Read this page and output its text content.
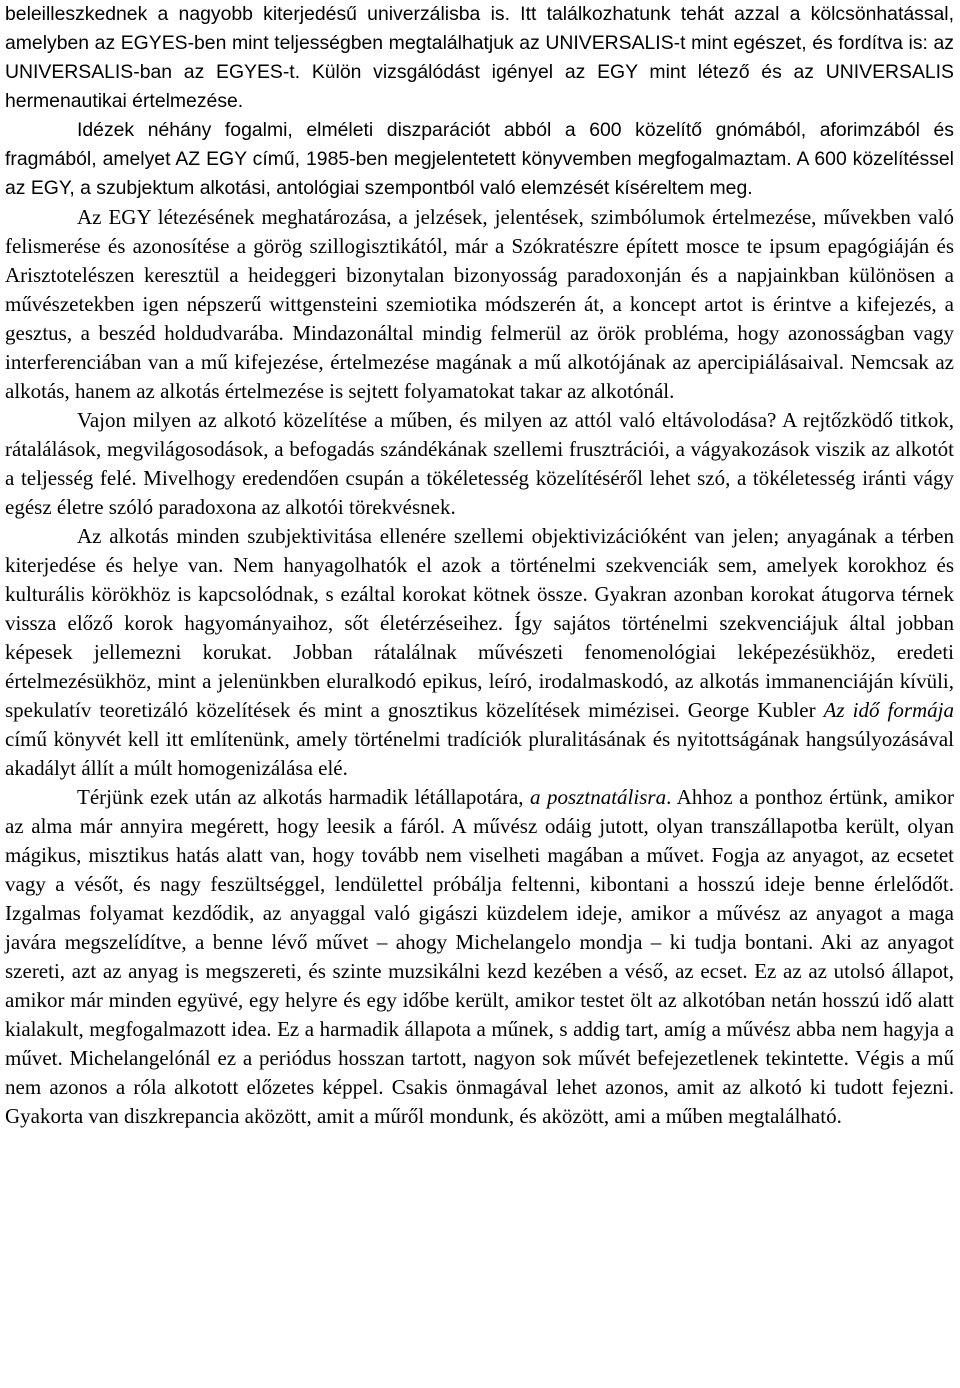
beleilleszkednek a nagyobb kiterjedésű univerzálisba is. Itt találkozhatunk tehát azzal a kölcsönhatással, amelyben az EGYES-ben mint teljességben megtalálhatjuk az UNIVERSALIS-t mint egészet, és fordítva is: az UNIVERSALIS-ban az EGYES-t. Külön vizsgálódást igényel az EGY mint létező és az UNIVERSALIS hermenautikai értelmezése.

Idézek néhány fogalmi, elméleti diszparációt abból a 600 közelítő gnómából, aforimzából és fragmából, amelyet AZ EGY című, 1985-ben megjelentetett könyvemben megfogalmaztam. A 600 közelítéssel az EGY, a szubjektum alkotási, antológiai szempontból való elemzését kíséreltem meg.

Az EGY létezésének meghatározása, a jelzések, jelentések, szimbólumok értelmezése, művekben való felismerése és azonosítése a görög szillogisztikától, már a Szókratészre épített mosce te ipsum epagógiáján és Arisztotelészen keresztül a heideggeri bizonytalan bizonyosság paradoxonján és a napjainkban különösen a művészetekben igen népszerű wittgensteini szemiotika módszerén át, a koncept artot is érintve a kifejezés, a gesztus, a beszéd holdudvarába. Mindazonáltal mindig felmerül az örök probléma, hogy azonosságban vagy interferenciában van a mű kifejezése, értelmezése magának a mű alkotójának az apercipiálásaival. Nemcsak az alkotás, hanem az alkotás értelmezése is sejtett folyamatokat takar az alkotónál.

Vajon milyen az alkotó közelítése a műben, és milyen az attól való eltávolodása? A rejtőzködő titkok, rátalálások, megvilágosodások, a befogadás szándékának szellemi frusztrációi, a vágyakozások viszik az alkotót a teljesség felé. Mivelhogy eredendően csupán a tökéletesség közelítéséről lehet szó, a tökéletesség iránti vágy egész életre szóló paradoxona az alkotói törekvésnek.

Az alkotás minden szubjektivitása ellenére szellemi objektivizációként van jelen; anyagának a térben kiterjedése és helye van. Nem hanyagolhatók el azok a történelmi szekvenciák sem, amelyek korokhoz és kulturális körökhöz is kapcsolódnak, s ezáltal korokat kötnek össze. Gyakran azonban korokat átugorva térnek vissza előző korok hagyományaihoz, sőt életérzéseihez. Így sajátos történelmi szekvenciájuk által jobban képesek jellemezni korukat. Jobban rátalálnak művészeti fenomenológiai leképezésükhöz, eredeti értelmezésükhöz, mint a jelenünkben eluralkodó epikus, leíró, irodalmaskodó, az alkotás immanenciáján kívüli, spekulatív teoretizáló közelítések és mint a gnosztikus közelítések mimézisei. George Kubler Az idő formája című könyvét kell itt említenünk, amely történelmi tradíciók pluralitásának és nyitottságának hangsúlyozásával akadályt állít a múlt homogenizálása elé.

Térjünk ezek után az alkotás harmadik létállapotára, a posztnatálisra. Ahhoz a ponthoz értünk, amikor az alma már annyira megérett, hogy leesik a fáról. A művész odáig jutott, olyan transzállapotba került, olyan mágikus, misztikus hatás alatt van, hogy tovább nem viselheti magában a művet. Fogja az anyagot, az ecsetet vagy a vésőt, és nagy feszültséggel, lendülettel próbálja feltenni, kibontani a hosszú ideje benne érlelődőt. Izgalmas folyamat kezdődik, az anyaggal való gigászi küzdelem ideje, amikor a művész az anyagot a maga javára megszelídítve, a benne lévő művet – ahogy Michelangelo mondja – ki tudja bontani. Aki az anyagot szereti, azt az anyag is megszereti, és szinte muzsikálni kezd kezében a véső, az ecset. Ez az az utolsó állapot, amikor már minden együvé, egy helyre és egy időbe került, amikor testet ölt az alkotóban netán hosszú idő alatt kialakult, megfogalmazott idea. Ez a harmadik állapota a műnek, s addig tart, amíg a művész abba nem hagyja a művet. Michelangelónál ez a periódus hosszan tartott, nagyon sok művét befejezetlenek tekintette. Végis a mű nem azonos a róla alkotott előzetes képpel. Csakis önmagával lehet azonos, amit az alkotó ki tudott fejezni. Gyakorta van diszkrepancia aközött, amit a műről mondunk, és aközött, ami a műben megtalálható.
